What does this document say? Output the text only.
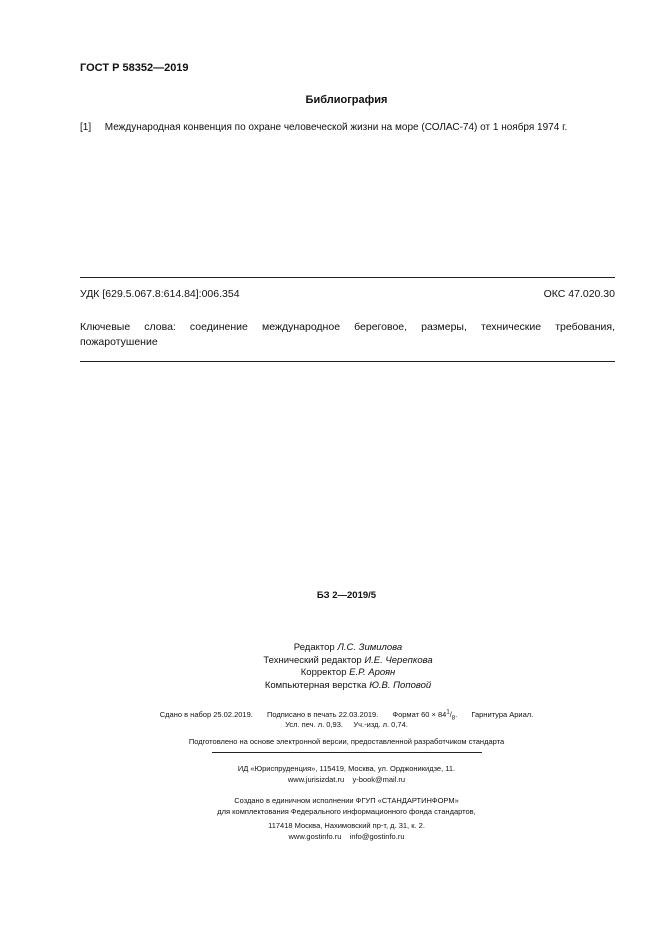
ГОСТ Р 58352—2019
Библиография
[1] Международная конвенция по охране человеческой жизни на море (СОЛАС-74) от 1 ноября 1974 г.
УДК [629.5.067.8:614.84]:006.354	ОКС 47.020.30
Ключевые слова: соединение международное береговое, размеры, технические требования, пожаротушение
БЗ 2—2019/5
Редактор Л.С. Зимилова
Технический редактор И.Е. Черепкова
Корректор Е.Р. Ароян
Компьютерная верстка Ю.В. Поповой
Сдано в набор 25.02.2019. Подписано в печать 22.03.2019. Формат $60 \times 84^1/_8$. Гарнитура Ариал.
Усл. печ. л. 0,93. Уч.-изд. л. 0,74.
Подготовлено на основе электронной версии, предоставленной разработчиком стандарта
ИД «Юриспруденция», 115419, Москва, ул. Орджоникидзе, 11.
www.jurisizdat.ru    y-book@mail.ru
Создано в единичном исполнении ФГУП «СТАНДАРТИНФОРМ»
для комплектования Федерального информационного фонда стандартов,
117418 Москва, Нахимовский пр-т, д. 31, к. 2.
www.gostinfo.ru    info@gostinfo.ru
